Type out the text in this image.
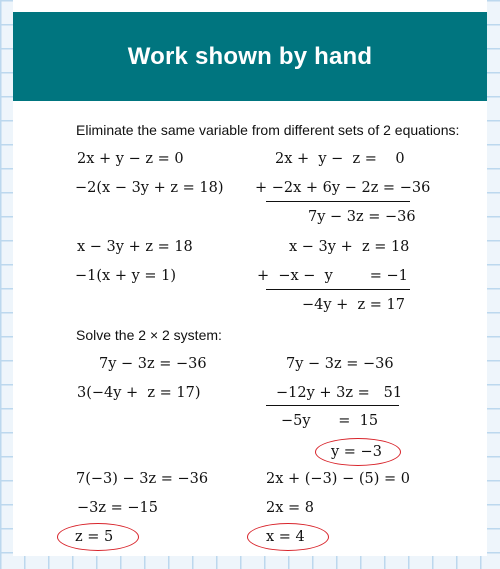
Work shown by hand
Eliminate the same variable from different sets of 2 equations:
2x + y − z = 0
−2(x − 3y + z = 18)
2x +  y −  z =    0
+ −2x + 6y − 2z = −36
7y − 3z = −36
x − 3y + z = 18
−1(x + y = 1)
x − 3y +  z = 18
+  −x −  y        = −1
−4y +  z = 17
Solve the 2 × 2 system:
7y − 3z = −36
3(−4y +  z = 17)
7y − 3z = −36
−12y + 3z =   51
−5y      =  15
y = −3
7(−3) − 3z = −36
−3z = −15
z = 5
2x + (−3) − (5) = 0
2x = 8
x = 4
